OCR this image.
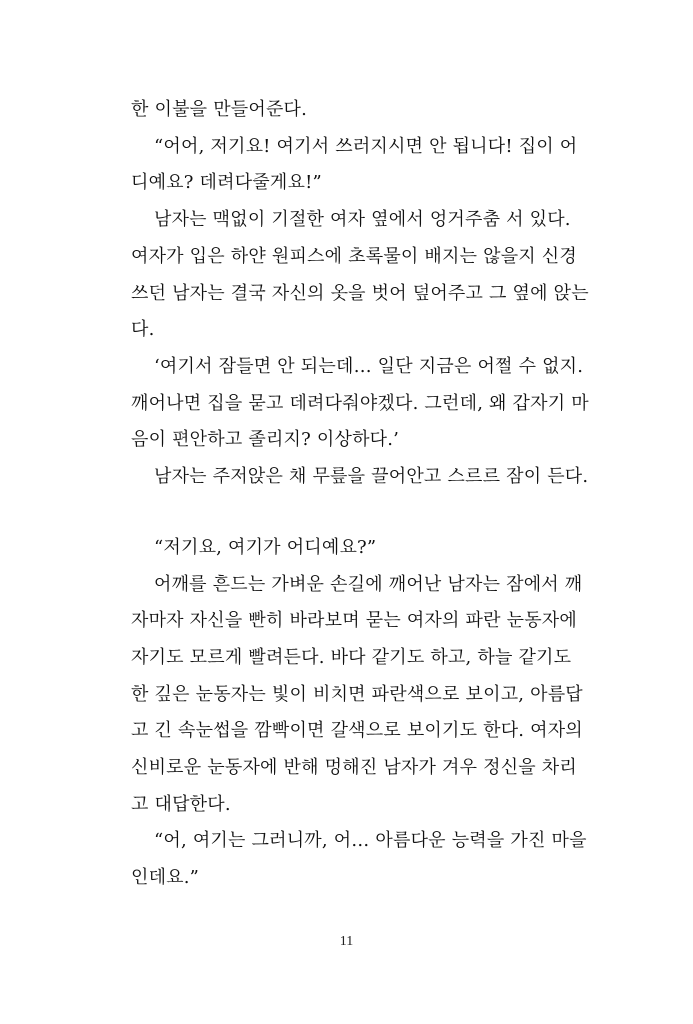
한 이불을 만들어준다.
“어어, 저기요! 여기서 쓰러지시면 안 됩니다! 집이 어
디예요? 데려다줄게요!”
남자는 맥없이 기절한 여자 옆에서 엉거주춤 서 있다.
여자가 입은 하얀 원피스에 초록물이 배지는 않을지 신경
쓰던 남자는 결국 자신의 옷을 벗어 덮어주고 그 옆에 앉는
다.
‘여기서 잠들면 안 되는데… 일단 지금은 어쩔 수 없지.
깨어나면 집을 묻고 데려다줘야겠다. 그런데, 왜 갑자기 마
음이 편안하고 졸리지? 이상하다.’
남자는 주저앉은 채 무릎을 끌어안고 스르르 잠이 든다.
“저기요, 여기가 어디예요?”
어깨를 흔드는 가벼운 손길에 깨어난 남자는 잠에서 깨
자마자 자신을 빤히 바라보며 묻는 여자의 파란 눈동자에
자기도 모르게 빨려든다. 바다 같기도 하고, 하늘 같기도
한 깊은 눈동자는 빛이 비치면 파란색으로 보이고, 아름답
고 긴 속눈썹을 깜빡이면 갈색으로 보이기도 한다. 여자의
신비로운 눈동자에 반해 멍해진 남자가 겨우 정신을 차리
고 대답한다.
“어, 여기는 그러니까, 어… 아름다운 능력을 가진 마을
인데요.”
11
